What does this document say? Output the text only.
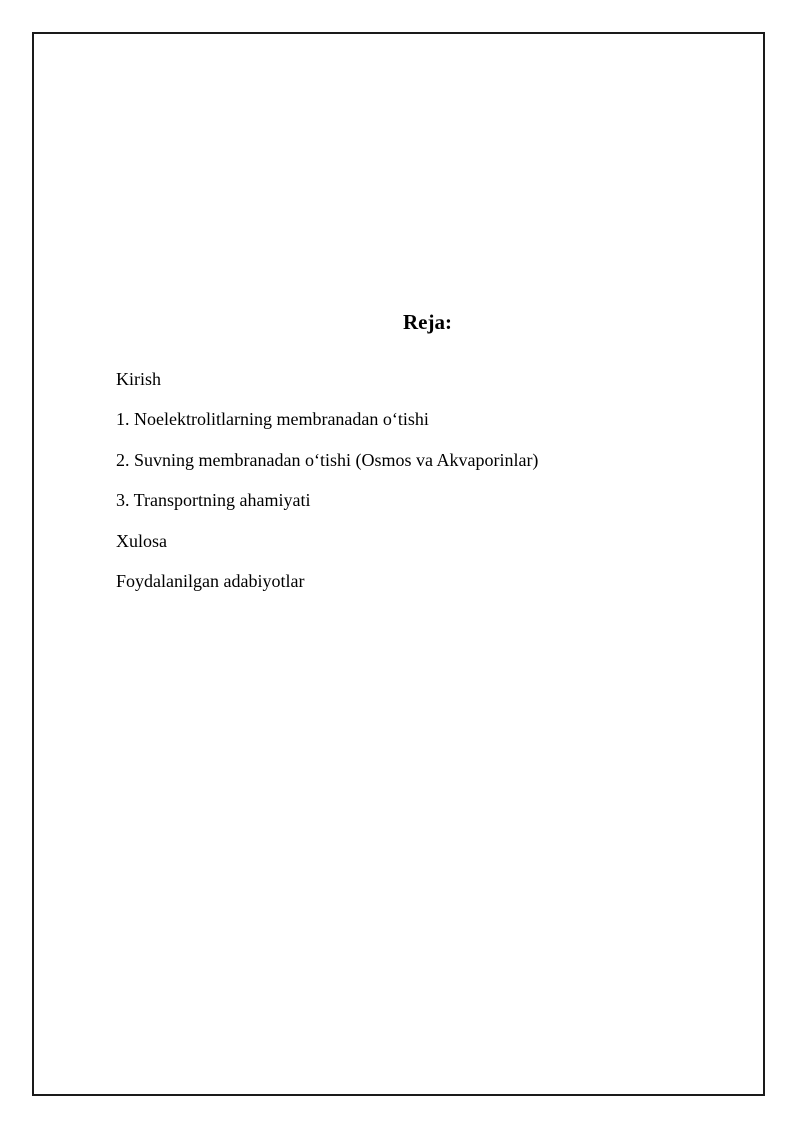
Reja:
Kirish
1. Noelektrolitlarning membranadan o‘tishi
2. Suvning membranadan o‘tishi (Osmos va Akvaporinlar)
3. Transportning ahamiyati
Xulosa
Foydalanilgan adabiyotlar
